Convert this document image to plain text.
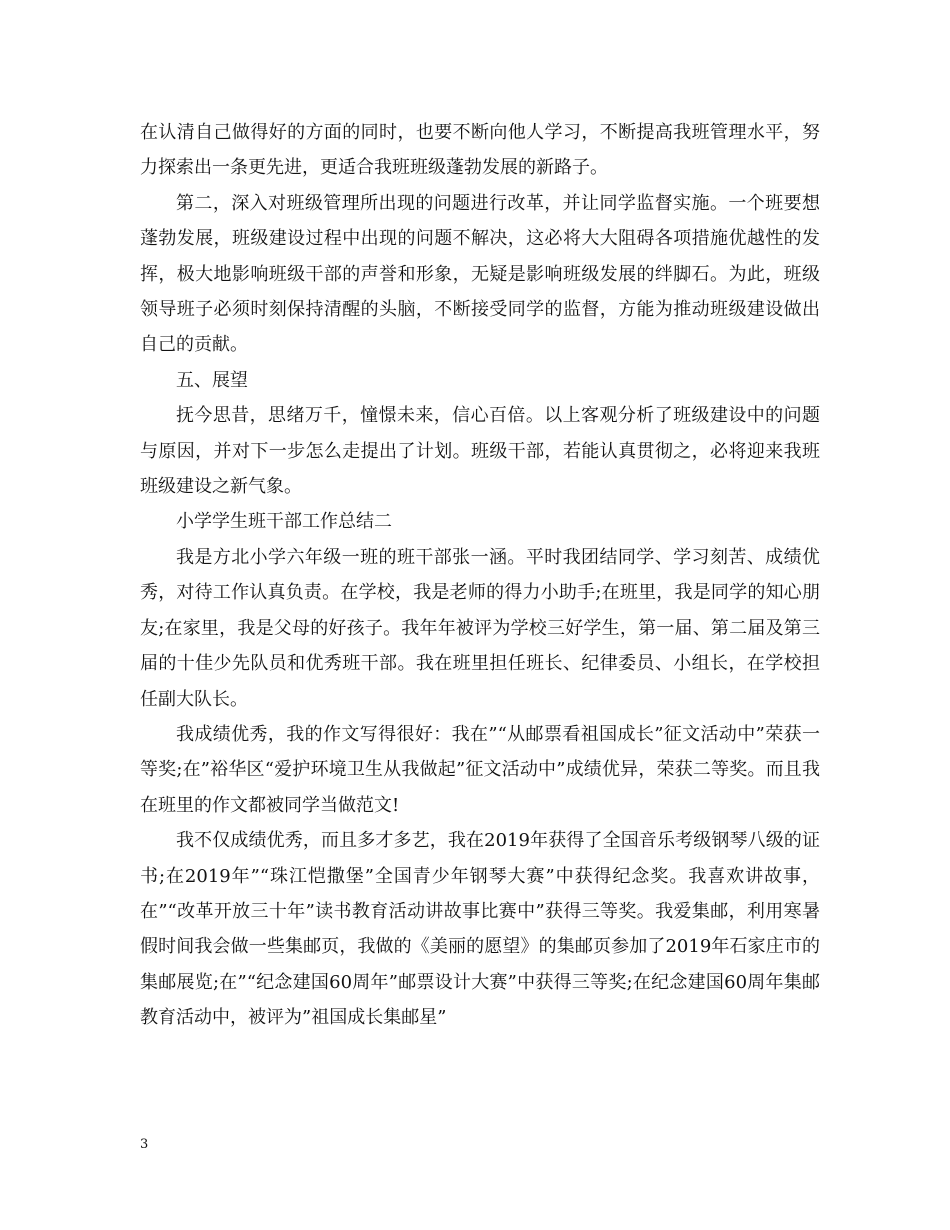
在认清自己做得好的方面的同时，也要不断向他人学习，不断提高我班管理水平，努力探索出一条更先进，更适合我班班级蓬勃发展的新路子。

第二，深入对班级管理所出现的问题进行改革，并让同学监督实施。一个班要想蓬勃发展，班级建设过程中出现的问题不解决，这必将大大阻碍各项措施优越性的发挥，极大地影响班级干部的声誉和形象，无疑是影响班级发展的绊脚石。为此，班级领导班子必须时刻保持清醒的头脑，不断接受同学的监督，方能为推动班级建设做出自己的贡献。

五、展望

抚今思昔，思绪万千，憧憬未来，信心百倍。以上客观分析了班级建设中的问题与原因，并对下一步怎么走提出了计划。班级干部，若能认真贯彻之，必将迎来我班班级建设之新气象。

小学学生班干部工作总结二

我是方北小学六年级一班的班干部张一涵。平时我团结同学、学习刻苦、成绩优秀，对待工作认真负责。在学校，我是老师的得力小助手;在班里，我是同学的知心朋友;在家里，我是父母的好孩子。我年年被评为学校三好学生，第一届、第二届及第三届的十佳少先队员和优秀班干部。我在班里担任班长、纪律委员、小组长，在学校担任副大队长。

我成绩优秀，我的作文写得很好：我在”“从邮票看祖国成长”征文活动中”荣获一等奖;在”裕华区“爱护环境卫生从我做起”征文活动中”成绩优异，荣获二等奖。而且我在班里的作文都被同学当做范文!

我不仅成绩优秀，而且多才多艺，我在2019年获得了全国音乐考级钢琴八级的证书;在2019年”“珠江恺撒堡”全国青少年钢琴大赛”中获得纪念奖。我喜欢讲故事，在”“改革开放三十年”读书教育活动讲故事比赛中”获得三等奖。我爱集邮，利用寒暑假时间我会做一些集邮页，我做的《美丽的愿望》的集邮页参加了2019年石家庄市的集邮展览;在”“纪念建国60周年”邮票设计大赛”中获得三等奖;在纪念建国60周年集邮教育活动中，被评为”祖国成长集邮星”

3
